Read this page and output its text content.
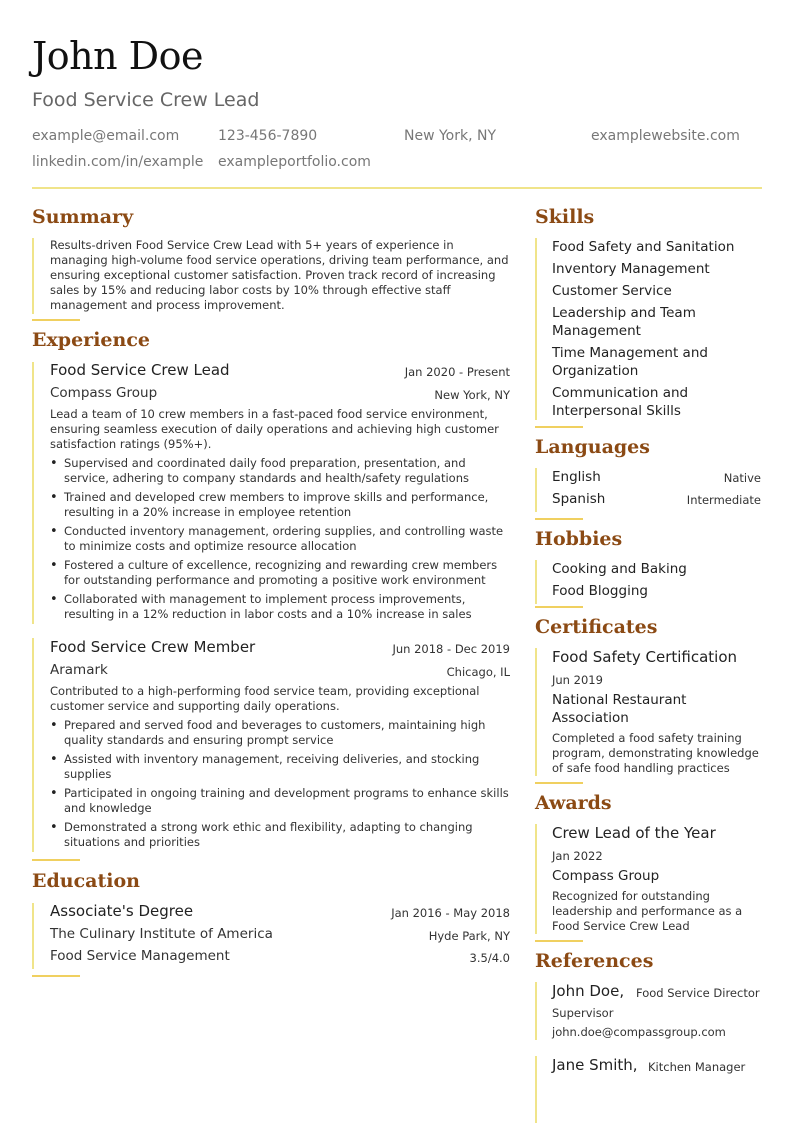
John Doe
Food Service Crew Lead
example@email.com	123-456-7890	New York, NY	examplewebsite.com
linkedin.com/in/example exampleportfolio.com
Summary
Results-driven Food Service Crew Lead with 5+ years of experience in managing high-volume food service operations, driving team performance, and ensuring exceptional customer satisfaction. Proven track record of increasing sales by 15% and reducing labor costs by 10% through effective staff management and process improvement.
Experience
Food Service Crew Lead	Jan 2020 - Present
Compass Group	New York, NY
Lead a team of 10 crew members in a fast-paced food service environment, ensuring seamless execution of daily operations and achieving high customer satisfaction ratings (95%+).
• Supervised and coordinated daily food preparation, presentation, and service, adhering to company standards and health/safety regulations
• Trained and developed crew members to improve skills and performance, resulting in a 20% increase in employee retention
• Conducted inventory management, ordering supplies, and controlling waste to minimize costs and optimize resource allocation
• Fostered a culture of excellence, recognizing and rewarding crew members for outstanding performance and promoting a positive work environment
• Collaborated with management to implement process improvements, resulting in a 12% reduction in labor costs and a 10% increase in sales
Food Service Crew Member	Jun 2018 - Dec 2019
Aramark	Chicago, IL
Contributed to a high-performing food service team, providing exceptional customer service and supporting daily operations.
• Prepared and served food and beverages to customers, maintaining high quality standards and ensuring prompt service
• Assisted with inventory management, receiving deliveries, and stocking supplies
• Participated in ongoing training and development programs to enhance skills and knowledge
• Demonstrated a strong work ethic and flexibility, adapting to changing situations and priorities
Education
Associate's Degree	Jan 2016 - May 2018
The Culinary Institute of America	Hyde Park, NY
Food Service Management	3.5/4.0
Skills
Food Safety and Sanitation
Inventory Management
Customer Service
Leadership and Team Management
Time Management and Organization
Communication and Interpersonal Skills
Languages
English	Native
Spanish	Intermediate
Hobbies
Cooking and Baking
Food Blogging
Certificates
Food Safety Certification
Jun 2019
National Restaurant Association
Completed a food safety training program, demonstrating knowledge of safe food handling practices
Awards
Crew Lead of the Year
Jan 2022
Compass Group
Recognized for outstanding leadership and performance as a Food Service Crew Lead
References
John Doe, Food Service Director
Supervisor
john.doe@compassgroup.com
Jane Smith, Kitchen Manager
